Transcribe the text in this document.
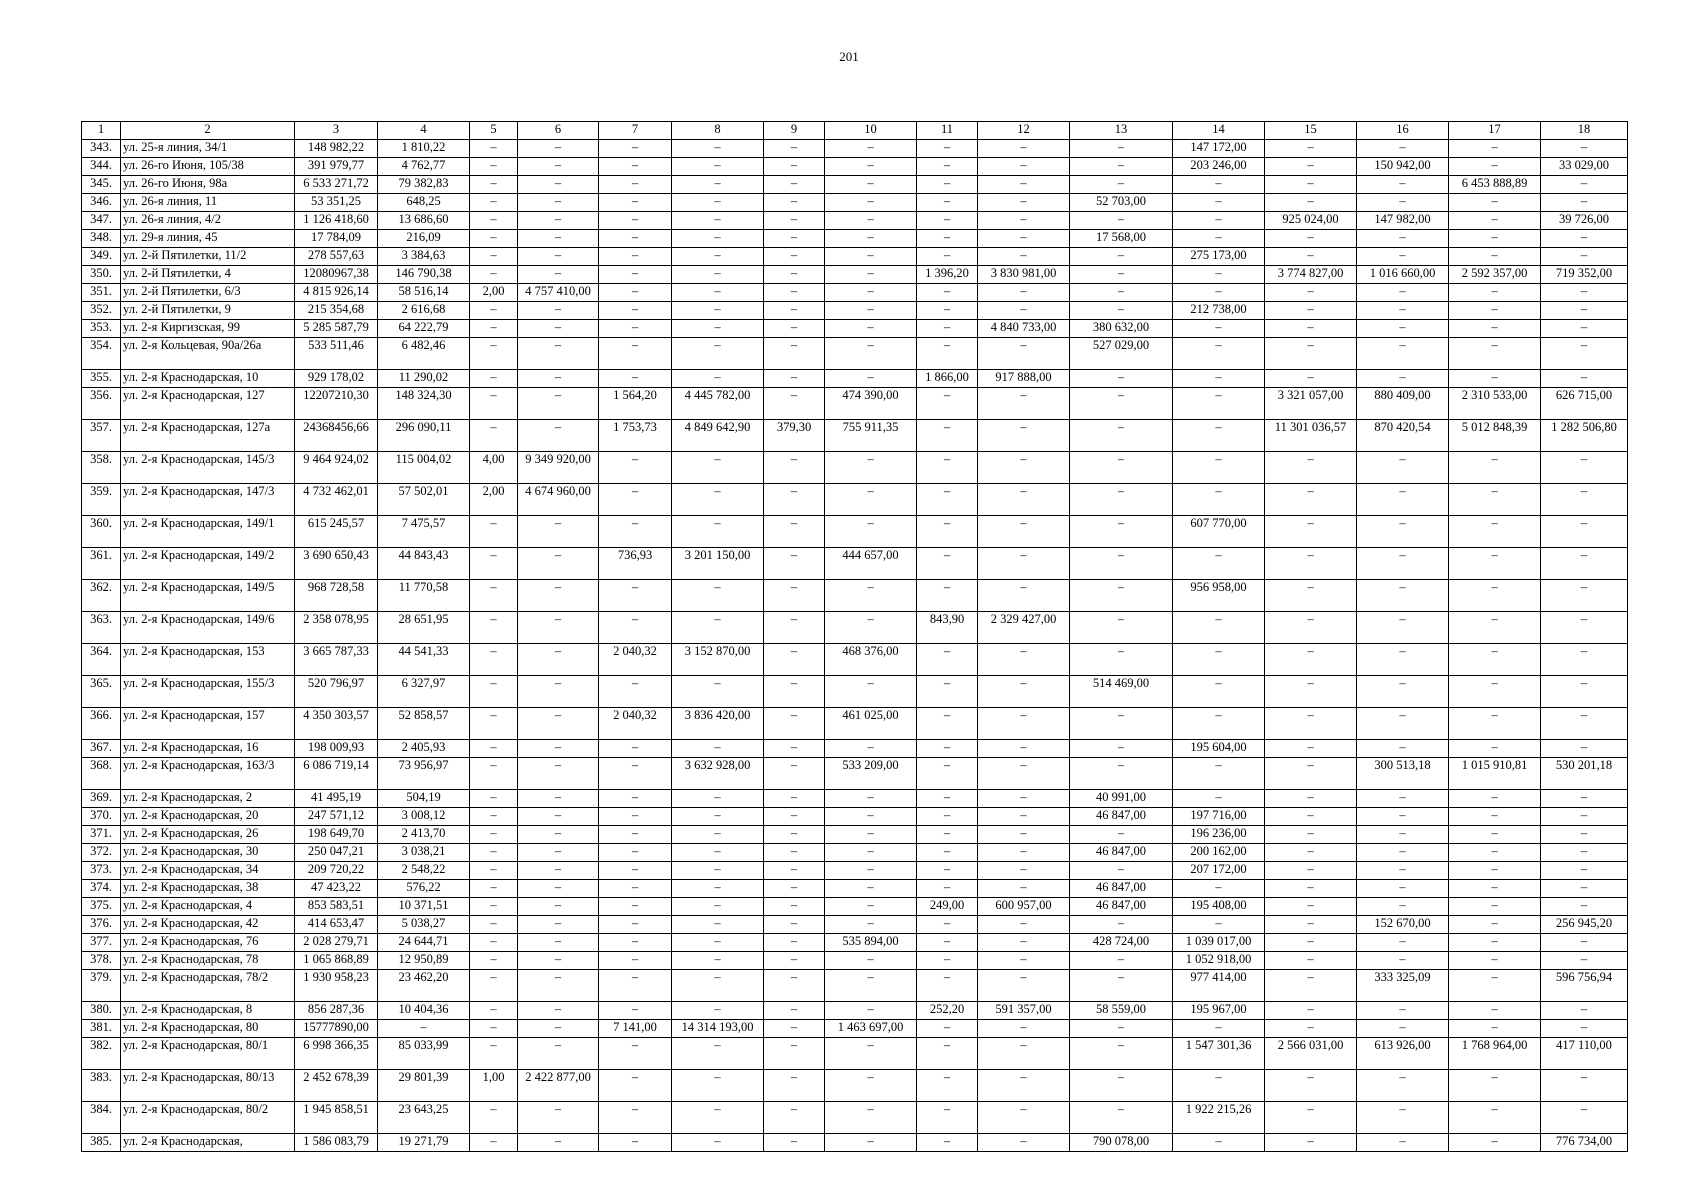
201
1	2	3	4	5	6	7	8	9	10	11	12	13	14	15	16	17	18
343.	ул. 25-я линия, 34/1	148 982,22	1 810,22	–	–	–	–	–	–	–	–	–	147 172,00	–	–	–	–
344.	ул. 26-го Июня, 105/38	391 979,77	4 762,77	–	–	–	–	–	–	–	–	–	203 246,00	–	150 942,00	–	33 029,00
345.	ул. 26-го Июня, 98а	6 533 271,72	79 382,83	–	–	–	–	–	–	–	–	–	–	–	–	6 453 888,89	–
346.	ул. 26-я линия, 11	53 351,25	648,25	–	–	–	–	–	–	–	–	52 703,00	–	–	–	–	–
347.	ул. 26-я линия, 4/2	1 126 418,60	13 686,60	–	–	–	–	–	–	–	–	–	–	925 024,00	147 982,00	–	39 726,00
348.	ул. 29-я линия, 45	17 784,09	216,09	–	–	–	–	–	–	–	–	17 568,00	–	–	–	–	–
349.	ул. 2-й Пятилетки, 11/2	278 557,63	3 384,63	–	–	–	–	–	–	–	–	–	275 173,00	–	–	–	–
350.	ул. 2-й Пятилетки, 4	12080967,38	146 790,38	–	–	–	–	–	–	1 396,20	3 830 981,00	–	–	3 774 827,00	1 016 660,00	2 592 357,00	719 352,00
351.	ул. 2-й Пятилетки, 6/3	4 815 926,14	58 516,14	2,00	4 757 410,00	–	–	–	–	–	–	–	–	–	–	–	–
352.	ул. 2-й Пятилетки, 9	215 354,68	2 616,68	–	–	–	–	–	–	–	–	–	212 738,00	–	–	–	–
353.	ул. 2-я Киргизская, 99	5 285 587,79	64 222,79	–	–	–	–	–	–	–	4 840 733,00	380 632,00	–	–	–	–	–
354.	ул. 2-я Кольцевая, 90а/26а	533 511,46	6 482,46	–	–	–	–	–	–	–	–	527 029,00	–	–	–	–	–
355.	ул. 2-я Краснодарская, 10	929 178,02	11 290,02	–	–	–	–	–	–	1 866,00	917 888,00	–	–	–	–	–	–
356.	ул. 2-я Краснодарская, 127	12207210,30	148 324,30	–	–	1 564,20	4 445 782,00	–	474 390,00	–	–	–	–	3 321 057,00	880 409,00	2 310 533,00	626 715,00
357.	ул. 2-я Краснодарская, 127а	24368456,66	296 090,11	–	–	1 753,73	4 849 642,90	379,30	755 911,35	–	–	–	–	11 301 036,57	870 420,54	5 012 848,39	1 282 506,80
358.	ул. 2-я Краснодарская, 145/3	9 464 924,02	115 004,02	4,00	9 349 920,00	–	–	–	–	–	–	–	–	–	–	–	–
359.	ул. 2-я Краснодарская, 147/3	4 732 462,01	57 502,01	2,00	4 674 960,00	–	–	–	–	–	–	–	–	–	–	–	–
360.	ул. 2-я Краснодарская, 149/1	615 245,57	7 475,57	–	–	–	–	–	–	–	–	–	607 770,00	–	–	–	–
361.	ул. 2-я Краснодарская, 149/2	3 690 650,43	44 843,43	–	–	736,93	3 201 150,00	–	444 657,00	–	–	–	–	–	–	–	–
362.	ул. 2-я Краснодарская, 149/5	968 728,58	11 770,58	–	–	–	–	–	–	–	–	–	956 958,00	–	–	–	–
363.	ул. 2-я Краснодарская, 149/6	2 358 078,95	28 651,95	–	–	–	–	–	–	843,90	2 329 427,00	–	–	–	–	–	–
364.	ул. 2-я Краснодарская, 153	3 665 787,33	44 541,33	–	–	2 040,32	3 152 870,00	–	468 376,00	–	–	–	–	–	–	–	–
365.	ул. 2-я Краснодарская, 155/3	520 796,97	6 327,97	–	–	–	–	–	–	–	–	514 469,00	–	–	–	–	–
366.	ул. 2-я Краснодарская, 157	4 350 303,57	52 858,57	–	–	2 040,32	3 836 420,00	–	461 025,00	–	–	–	–	–	–	–	–
367.	ул. 2-я Краснодарская, 16	198 009,93	2 405,93	–	–	–	–	–	–	–	–	–	195 604,00	–	–	–	–
368.	ул. 2-я Краснодарская, 163/3	6 086 719,14	73 956,97	–	–	–	3 632 928,00	–	533 209,00	–	–	–	–	–	300 513,18	1 015 910,81	530 201,18
369.	ул. 2-я Краснодарская, 2	41 495,19	504,19	–	–	–	–	–	–	–	–	40 991,00	–	–	–	–	–
370.	ул. 2-я Краснодарская, 20	247 571,12	3 008,12	–	–	–	–	–	–	–	–	46 847,00	197 716,00	–	–	–	–
371.	ул. 2-я Краснодарская, 26	198 649,70	2 413,70	–	–	–	–	–	–	–	–	–	196 236,00	–	–	–	–
372.	ул. 2-я Краснодарская, 30	250 047,21	3 038,21	–	–	–	–	–	–	–	–	46 847,00	200 162,00	–	–	–	–
373.	ул. 2-я Краснодарская, 34	209 720,22	2 548,22	–	–	–	–	–	–	–	–	–	207 172,00	–	–	–	–
374.	ул. 2-я Краснодарская, 38	47 423,22	576,22	–	–	–	–	–	–	–	–	46 847,00	–	–	–	–	–
375.	ул. 2-я Краснодарская, 4	853 583,51	10 371,51	–	–	–	–	–	–	249,00	600 957,00	46 847,00	195 408,00	–	–	–	–
376.	ул. 2-я Краснодарская, 42	414 653,47	5 038,27	–	–	–	–	–	–	–	–	–	–	–	152 670,00	–	256 945,20
377.	ул. 2-я Краснодарская, 76	2 028 279,71	24 644,71	–	–	–	–	–	535 894,00	–	–	428 724,00	1 039 017,00	–	–	–	–
378.	ул. 2-я Краснодарская, 78	1 065 868,89	12 950,89	–	–	–	–	–	–	–	–	–	1 052 918,00	–	–	–	–
379.	ул. 2-я Краснодарская, 78/2	1 930 958,23	23 462,20	–	–	–	–	–	–	–	–	–	977 414,00	–	333 325,09	–	596 756,94
380.	ул. 2-я Краснодарская, 8	856 287,36	10 404,36	–	–	–	–	–	–	252,20	591 357,00	58 559,00	195 967,00	–	–	–	–
381.	ул. 2-я Краснодарская, 80	15777890,00	–	–	–	7 141,00	14 314 193,00	–	1 463 697,00	–	–	–	–	–	–	–	–
382.	ул. 2-я Краснодарская, 80/1	6 998 366,35	85 033,99	–	–	–	–	–	–	–	–	–	1 547 301,36	2 566 031,00	613 926,00	1 768 964,00	417 110,00
383.	ул. 2-я Краснодарская, 80/13	2 452 678,39	29 801,39	1,00	2 422 877,00	–	–	–	–	–	–	–	–	–	–	–	–
384.	ул. 2-я Краснодарская, 80/2	1 945 858,51	23 643,25	–	–	–	–	–	–	–	–	–	1 922 215,26	–	–	–	–
385.	ул. 2-я Краснодарская,	1 586 083,79	19 271,79	–	–	–	–	–	–	–	–	790 078,00	–	–	–	–	776 734,00
